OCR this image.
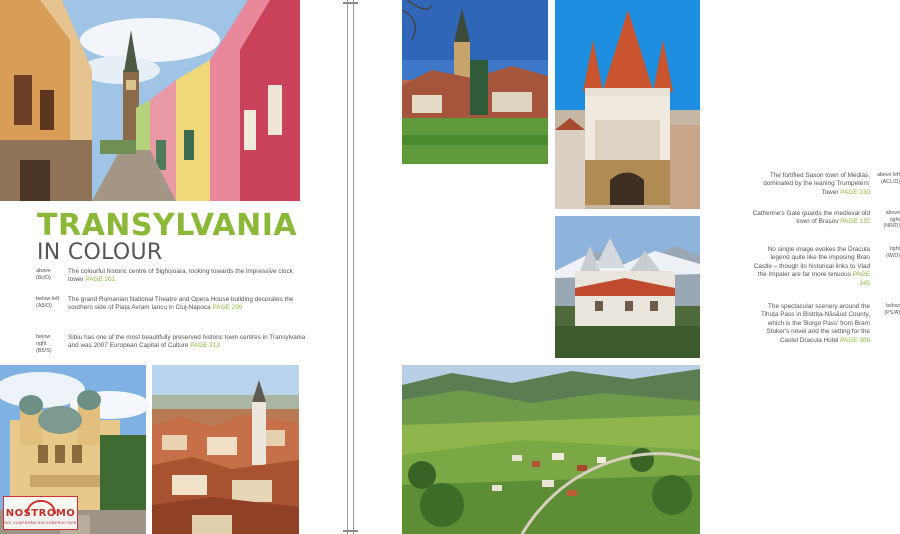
TRANSYLVANIA
IN COLOUR
above (8c/D)
The colourful historic centre of Sighișoara, looking towards the impressive clock tower PAGE 201
below left (A5/D)
The grand Romanian National Theatre and Opera House building decorates the southern side of Piața Avram Iancu in Cluj-Napoca PAGE 290
below right (B5/S)
Sibiu has one of the most beautifully preserved historic town centres in Transylvania and was 2007 European Capital of Culture PAGE 213
NOSTROMO
NOI CUMPĂRĂM DIN SOMERSETARE
The fortified Saxon town of Mediaș, dominated by the leaning Trumpeters' Tower PAGE 230
above left (ACL/D)
Catherine's Gate guards the medieval old town of Brașov PAGE 132
above right (NR/D)
No single image evokes the Dracula legend quite like the imposing Bran Castle – though its historical links to Vlad the Impaler are far more tenuous PAGE 145
right (W/D)
The spectacular scenery around the Tihuța Pass in Bistrița-Năsăud County, which is the 'Borgo Pass' from Bram Stoker's novel and the setting for the Castel Dracula Hotel PAGE 309
below (PS/A)
